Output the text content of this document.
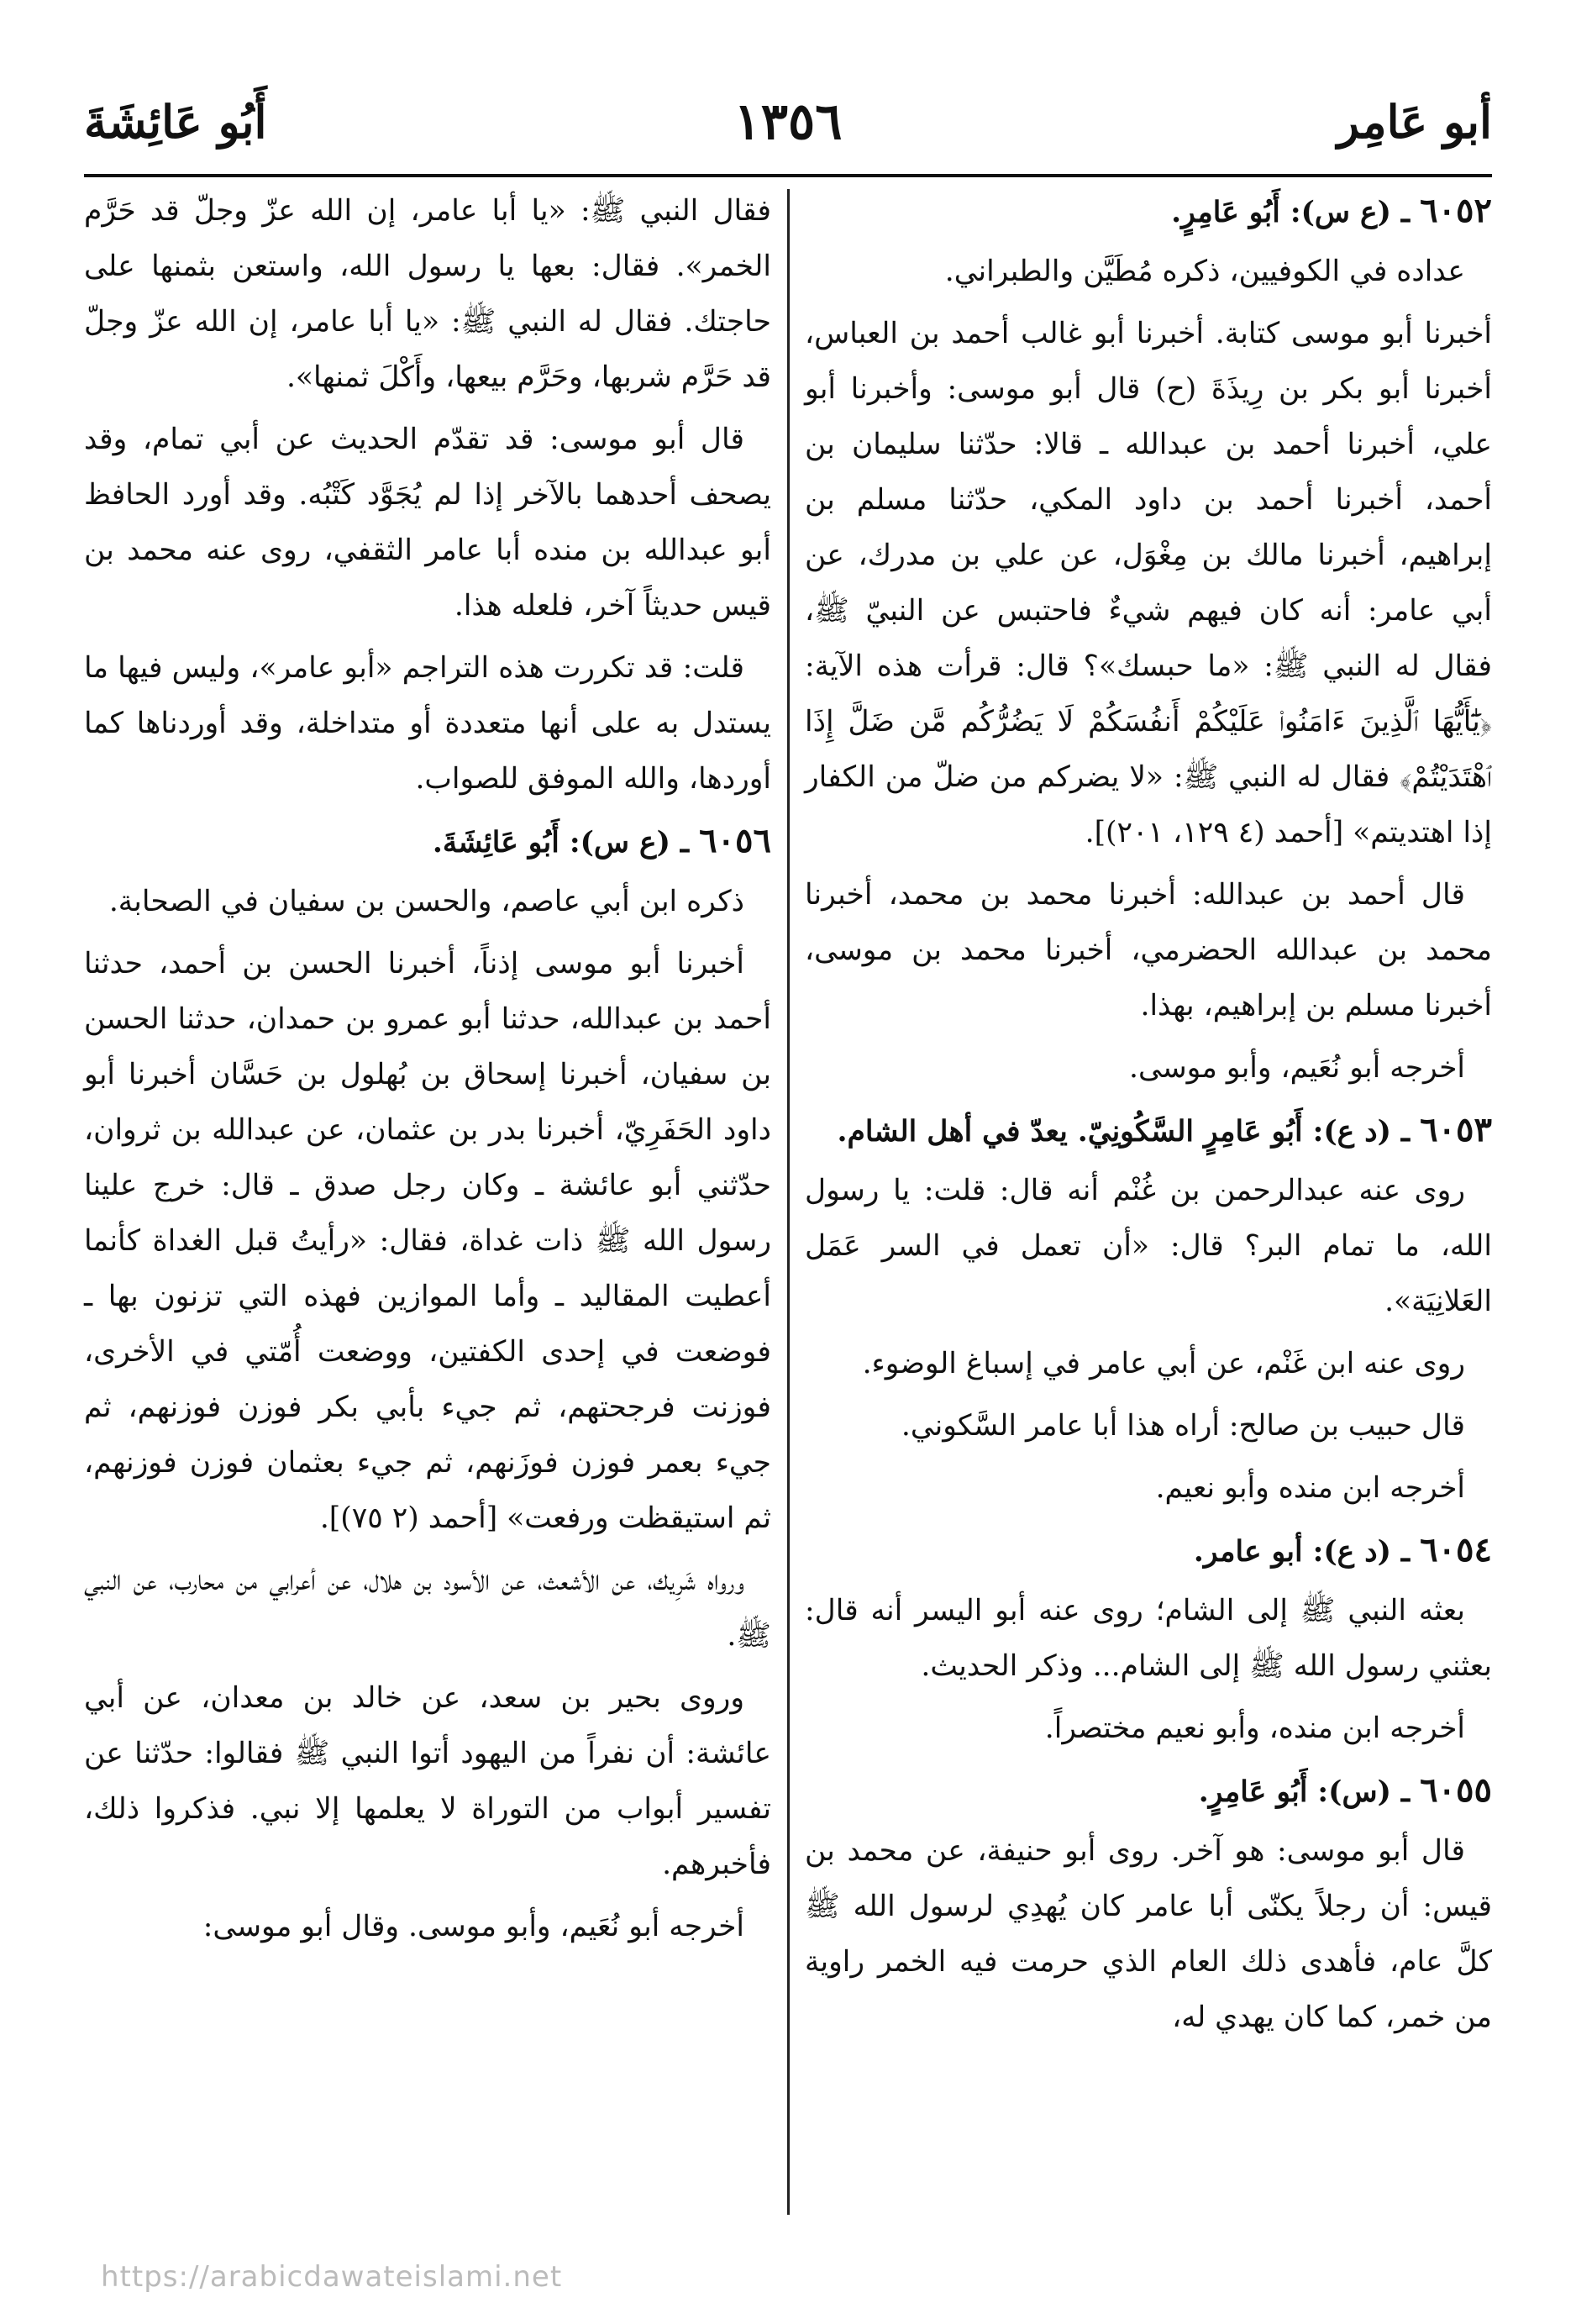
أبو عَامِر
١٣٥٦
أَبُو عَائِشَةَ

٦٠٥٢ ـ (ع س): أَبُو عَامِرٍ.

عداده في الكوفيين، ذكره مُطَيَّن والطبراني.

أخبرنا أبو موسى كتابة. أخبرنا أبو غالب أحمد بن العباس، أخبرنا أبو بكر بن رِيذَةَ (ح) قال أبو موسى: وأخبرنا أبو علي، أخبرنا أحمد بن عبدالله ـ قالا: حدّثنا سليمان بن أحمد، أخبرنا أحمد بن داود المكي، حدّثنا مسلم بن إبراهيم، أخبرنا مالك بن مِغْوَل، عن علي بن مدرك، عن أبي عامر: أنه كان فيهم شيءٌ فاحتبس عن النبيّ ﷺ، فقال له النبي ﷺ: «ما حبسك»؟ قال: قرأت هذه الآية: ﴿يَٰٓأَيُّهَا ٱلَّذِينَ ءَامَنُوا۟ عَلَيْكُمْ أَنفُسَكُمْ لَا يَضُرُّكُم مَّن ضَلَّ إِذَا ٱهْتَدَيْتُمْ﴾ فقال له النبي ﷺ: «لا يضركم من ضلّ من الكفار إذا اهتديتم» [أحمد (٤ ١٢٩، ٢٠١)].

قال أحمد بن عبدالله: أخبرنا محمد بن محمد، أخبرنا محمد بن عبدالله الحضرمي، أخبرنا محمد بن موسى، أخبرنا مسلم بن إبراهيم، بهذا.

أخرجه أبو نُعَيم، وأبو موسى.

٦٠٥٣ ـ (د ع): أَبُو عَامِرٍ السَّكُونِيّ. يعدّ في أهل الشام.

روى عنه عبدالرحمن بن غُنْم أنه قال: قلت: يا رسول الله، ما تمام البر؟ قال: «أن تعمل في السر عَمَل العَلانِيَة».

روى عنه ابن غَنْم، عن أبي عامر في إسباغ الوضوء.

قال حبيب بن صالح: أراه هذا أبا عامر السَّكوني.

أخرجه ابن منده وأبو نعيم.

٦٠٥٤ ـ (د ع): أبو عامر.

بعثه النبي ﷺ إلى الشام؛ روى عنه أبو اليسر أنه قال: بعثني رسول الله ﷺ إلى الشام... وذكر الحديث.

أخرجه ابن منده، وأبو نعيم مختصراً.

٦٠٥٥ ـ (س): أَبُو عَامِرٍ.

قال أبو موسى: هو آخر. روى أبو حنيفة، عن محمد بن قيس: أن رجلاً يكنّى أبا عامر كان يُهدِي لرسول الله ﷺ كلَّ عام، فأهدى ذلك العام الذي حرمت فيه الخمر راوية من خمر، كما كان يهدي له،

فقال النبي ﷺ: «يا أبا عامر، إن الله عزّ وجلّ قد حَرَّم الخمر». فقال: بعها يا رسول الله، واستعن بثمنها على حاجتك. فقال له النبي ﷺ: «يا أبا عامر، إن الله عزّ وجلّ قد حَرَّم شربها، وحَرَّم بيعها، وأَكْلَ ثمنها».

قال أبو موسى: قد تقدّم الحديث عن أبي تمام، وقد يصحف أحدهما بالآخر إذا لم يُجَوَّد كَتْبُه. وقد أورد الحافظ أبو عبدالله بن منده أبا عامر الثقفي، روى عنه محمد بن قيس حديثاً آخر، فلعله هذا.

قلت: قد تكررت هذه التراجم «أبو عامر»، وليس فيها ما يستدل به على أنها متعددة أو متداخلة، وقد أوردناها كما أوردها، والله الموفق للصواب.

٦٠٥٦ ـ (ع س): أَبُو عَائِشَةَ.

ذكره ابن أبي عاصم، والحسن بن سفيان في الصحابة.

أخبرنا أبو موسى إذناً، أخبرنا الحسن بن أحمد، حدثنا أحمد بن عبدالله، حدثنا أبو عمرو بن حمدان، حدثنا الحسن بن سفيان، أخبرنا إسحاق بن بُهلول بن حَسَّان أخبرنا أبو داود الحَفَرِيّ، أخبرنا بدر بن عثمان، عن عبدالله بن ثروان، حدّثني أبو عائشة ـ وكان رجل صدق ـ قال: خرج علينا رسول الله ﷺ ذات غداة، فقال: «رأيتُ قبل الغداة كأنما أعطيت المقاليد ـ وأما الموازين فهذه التي تزنون بها ـ فوضعت في إحدى الكفتين، ووضعت أُمّتي في الأخرى، فوزنت فرجحتهم، ثم جيء بأبي بكر فوزن فوزنهم، ثم جيء بعمر فوزن فوزَنهم، ثم جيء بعثمان فوزن فوزنهم، ثم استيقظت ورفعت» [أحمد (٢ ٧٥)].

ورواه شَرِيك، عن الأشعث، عن الأسود بن هلال، عن أعرابي من محارب، عن النبي ﷺ.

وروى بحير بن سعد، عن خالد بن معدان، عن أبي عائشة: أن نفراً من اليهود أتوا النبي ﷺ فقالوا: حدّثنا عن تفسير أبواب من التوراة لا يعلمها إلا نبي. فذكروا ذلك، فأخبرهم.

أخرجه أبو نُعَيم، وأبو موسى. وقال أبو موسى:

https://arabicdawateislami.net
